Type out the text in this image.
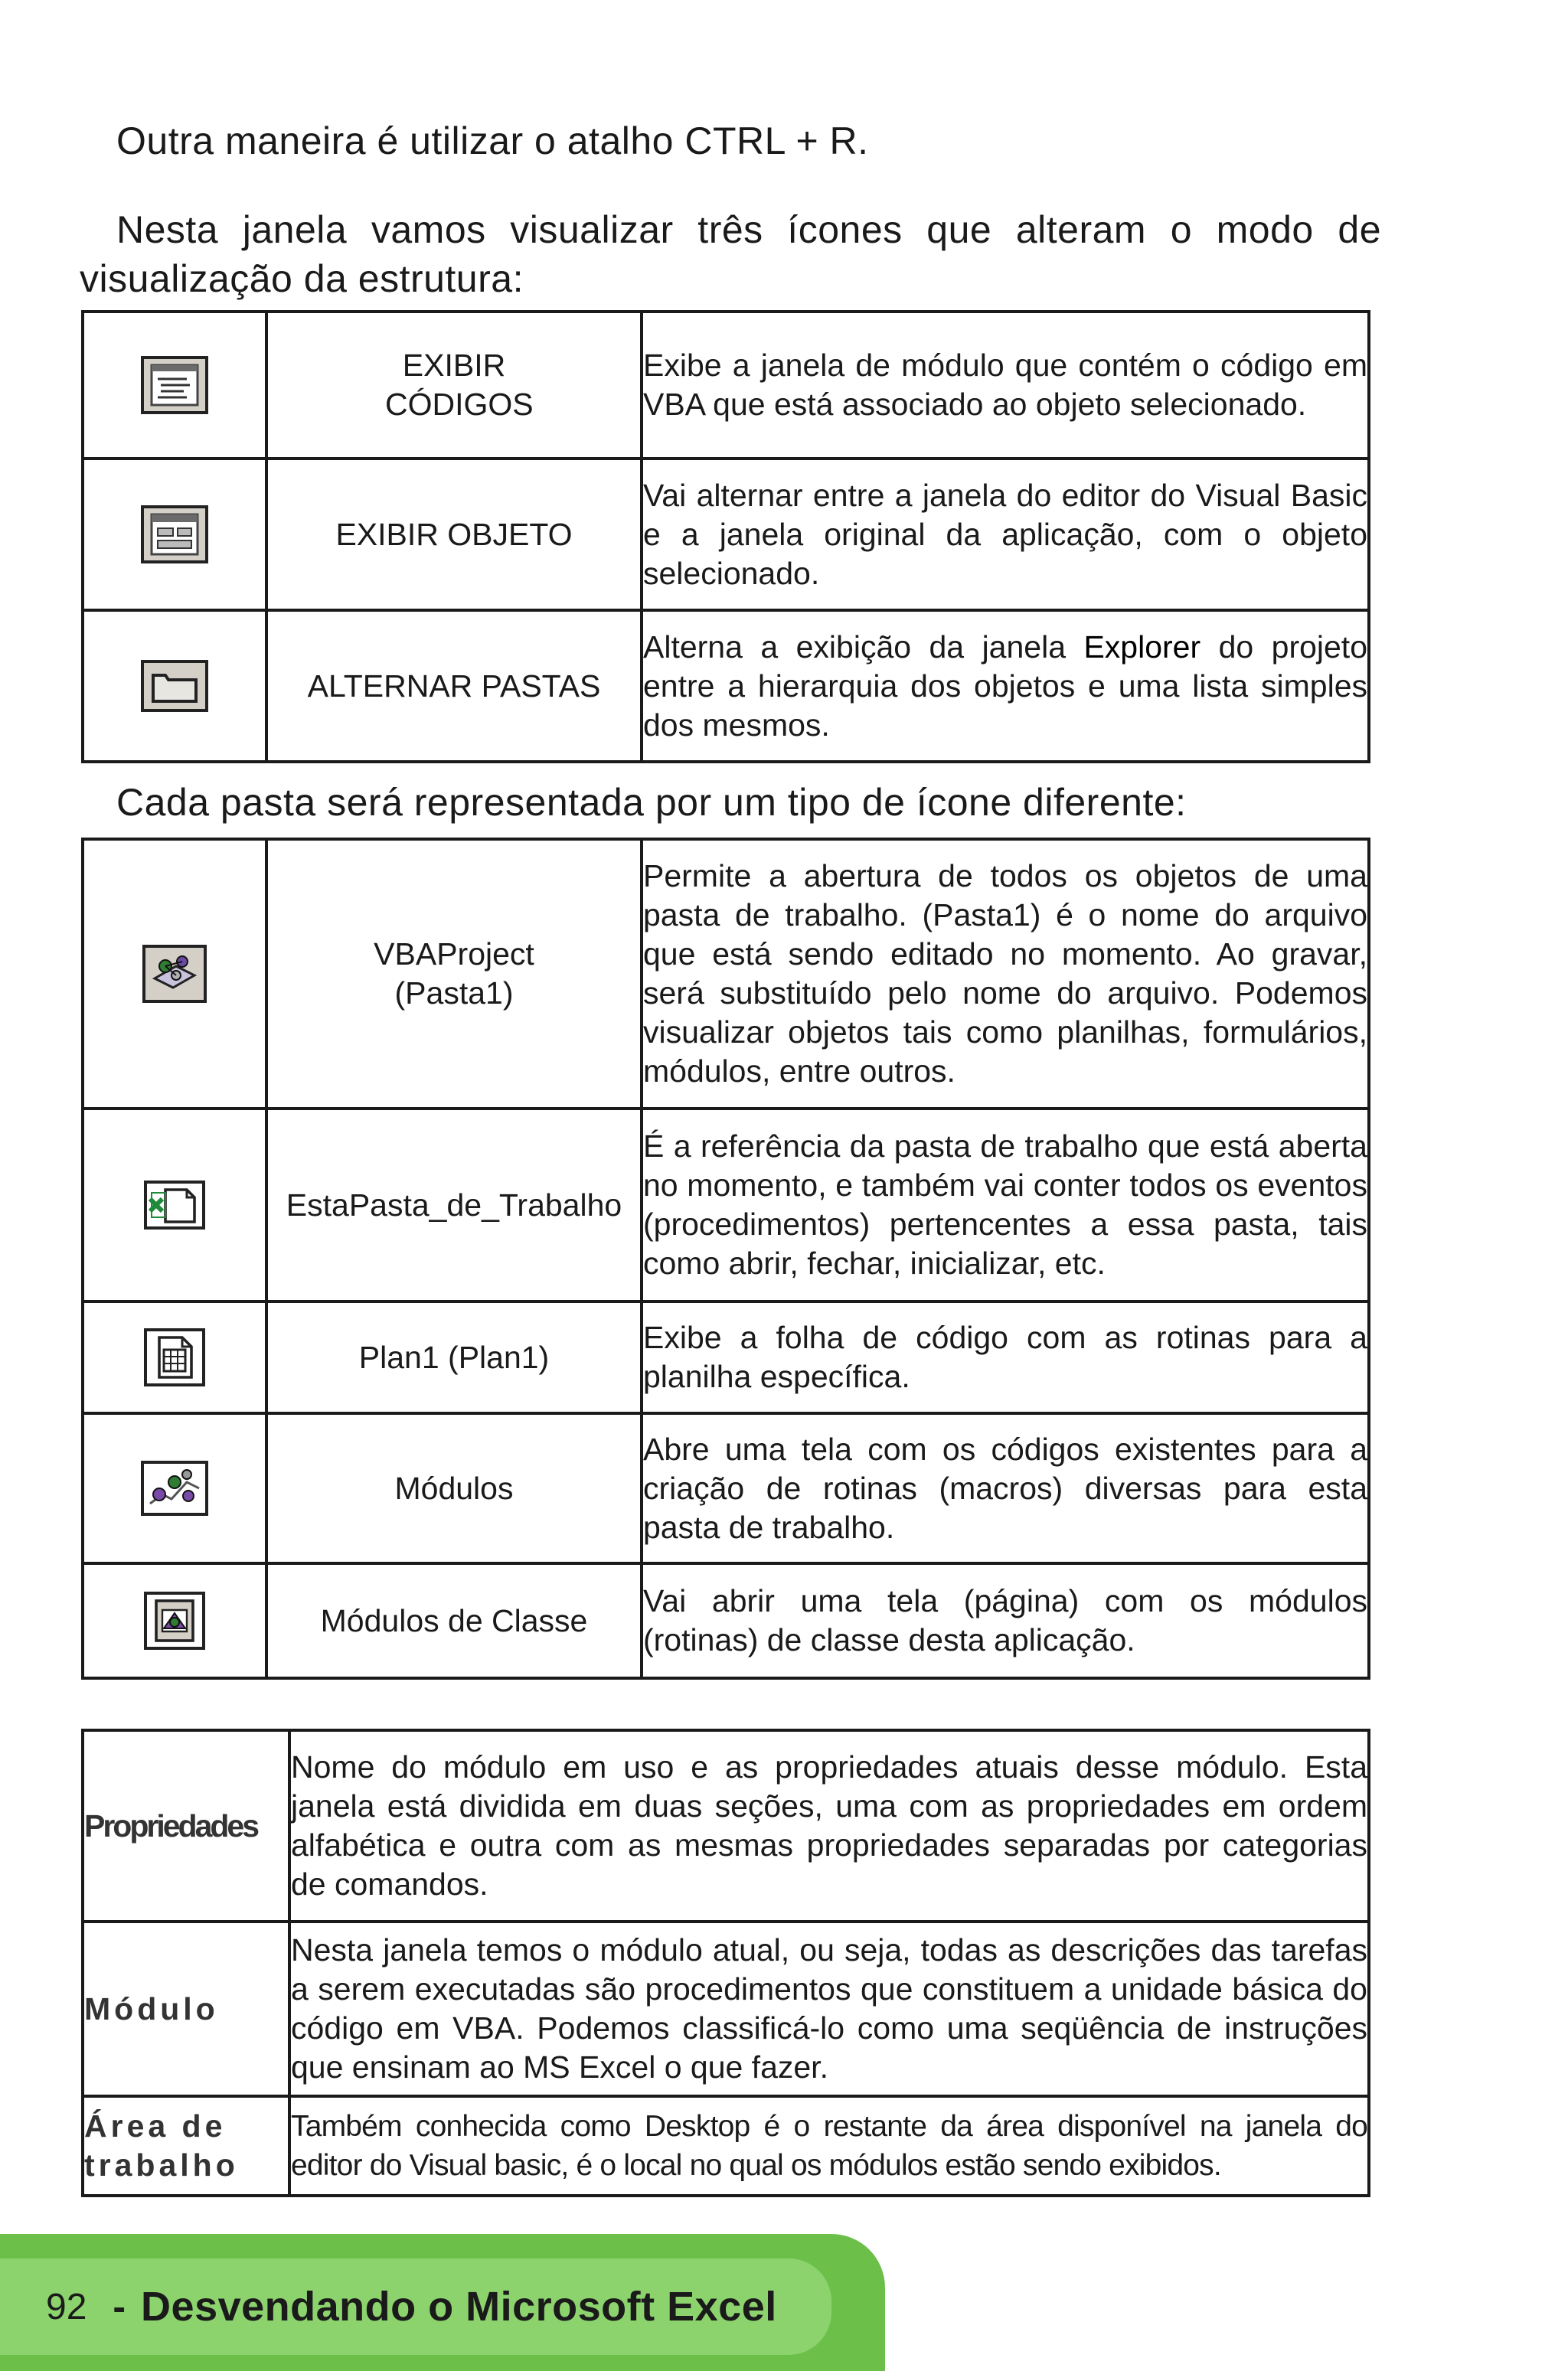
Outra maneira é utilizar o atalho CTRL + R.

Nesta janela vamos visualizar três ícones que alteram o modo de visualização da estrutura:

	EXIBIR CÓDIGOS	Exibe a janela de módulo que contém o código em VBA que está associado ao objeto selecionado.

	EXIBIR OBJETO	Vai alternar entre a janela do editor do Visual Basic e a janela original da aplicação, com o objeto selecionado.

	ALTERNAR PASTAS	Alterna a exibição da janela Explorer do projeto entre a hierarquia dos objetos e uma lista simples dos mesmos.

Cada pasta será representada por um tipo de ícone diferente:

	VBAProject (Pasta1)	Permite a abertura de todos os objetos de uma pasta de trabalho. (Pasta1) é o nome do arquivo que está sendo editado no momento. Ao gravar, será substituído pelo nome do arquivo. Podemos visualizar objetos tais como planilhas, formulários, módulos, entre outros.

	EstaPasta_de_Trabalho	É a referência da pasta de trabalho que está aberta no momento, e também vai conter todos os eventos (procedimentos) pertencentes a essa pasta, tais como abrir, fechar, inicializar, etc.

	Plan1 (Plan1)	Exibe a folha de código com as rotinas para a planilha específica.

	Módulos	Abre uma tela com os códigos existentes para a criação de rotinas (macros) diversas para esta pasta de trabalho.

	Módulos de Classe	Vai abrir uma tela (página) com os módulos (rotinas) de classe desta aplicação.
Propriedades	Nome do módulo em uso e as propriedades atuais desse módulo. Esta janela está dividida em duas seções, uma com as propriedades em ordem alfabética e outra com as mesmas propriedades separadas por categorias de comandos.
Módulo	Nesta janela temos o módulo atual, ou seja, todas as descrições das tarefas a serem executadas são procedimentos que constituem a unidade básica do código em VBA. Podemos classificá-lo como uma seqüência de instruções que ensinam ao MS Excel o que fazer.
Área de trabalho	Também conhecida como Desktop é o restante da área disponível na janela do editor do Visual basic, é o local no qual os módulos estão sendo exibidos.
92 - Desvendando o Microsoft Excel
